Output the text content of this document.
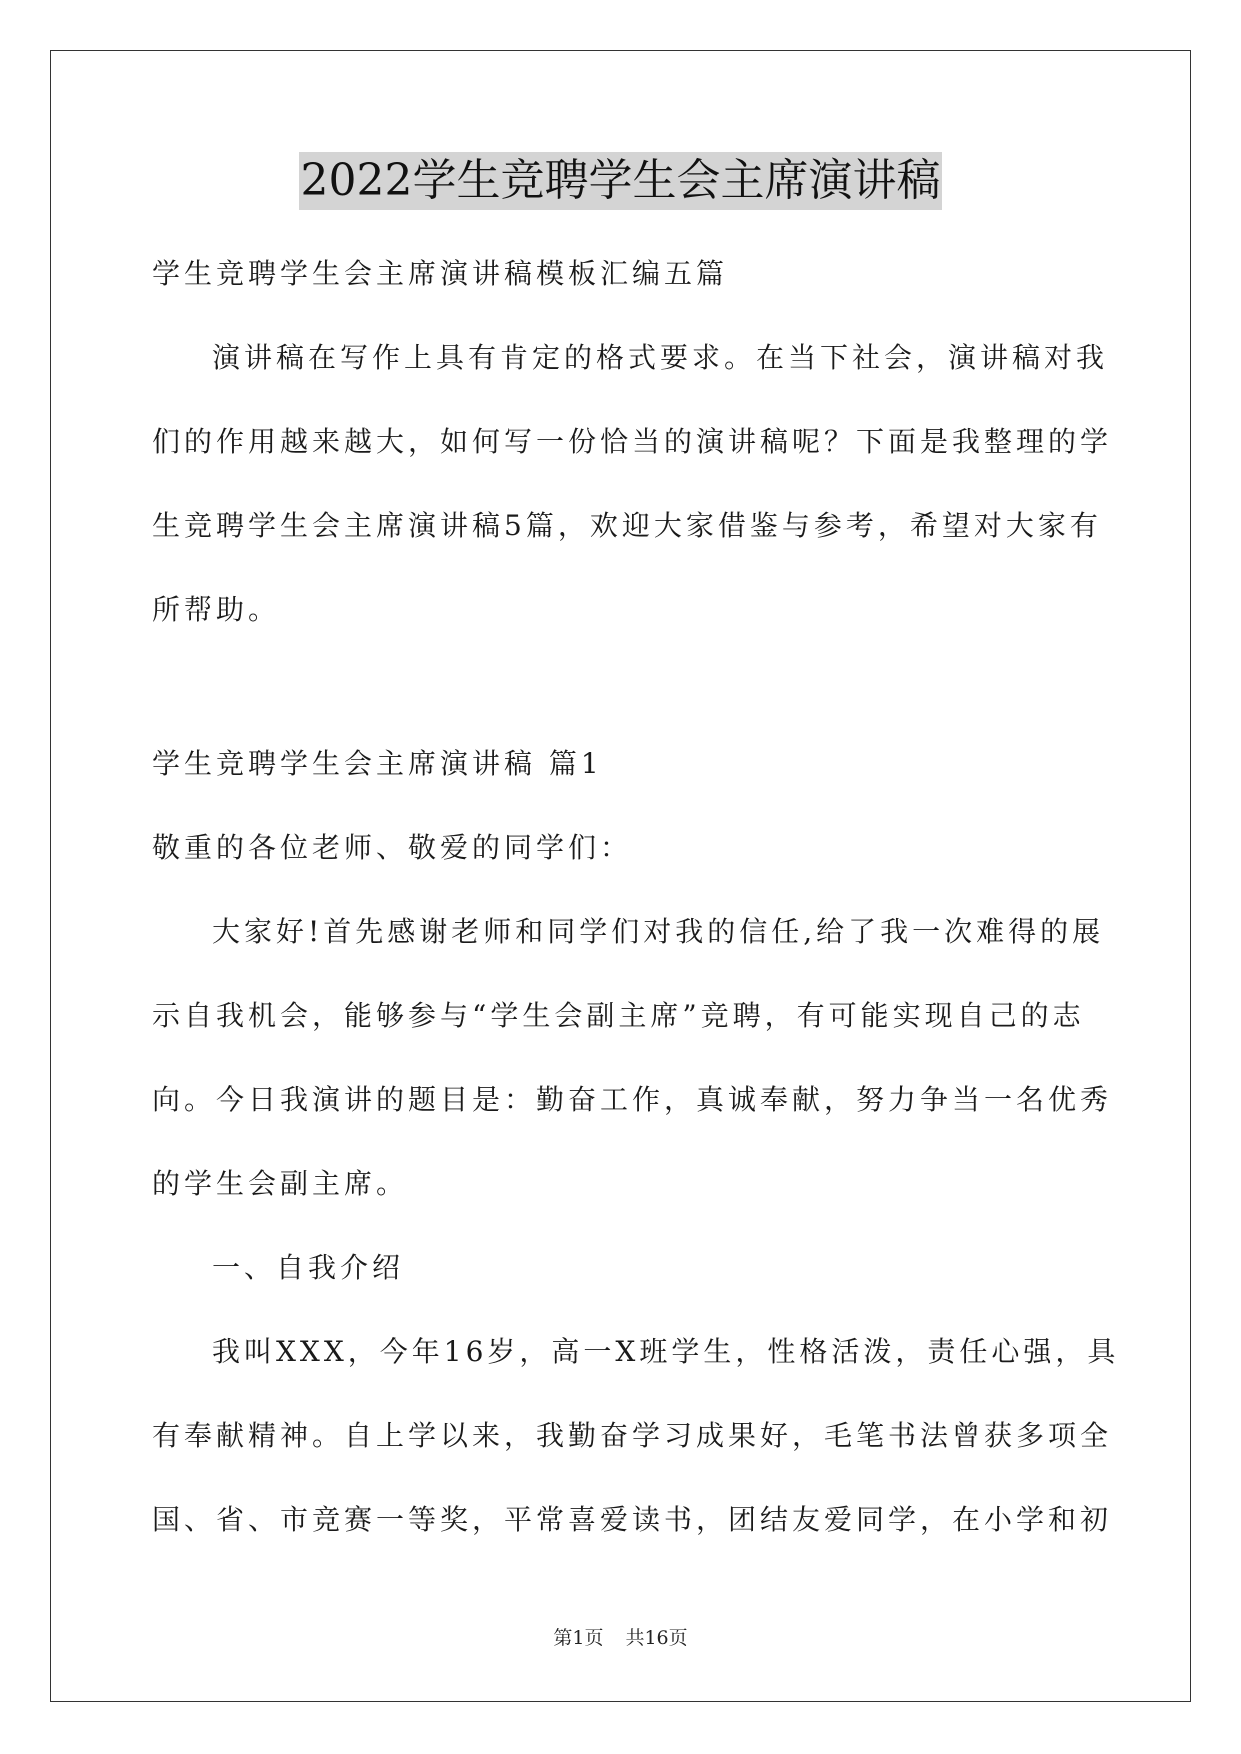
2022学生竞聘学生会主席演讲稿
学生竞聘学生会主席演讲稿模板汇编五篇
演讲稿在写作上具有肯定的格式要求。在当下社会，演讲稿对我
们的作用越来越大，如何写一份恰当的演讲稿呢？下面是我整理的学
生竞聘学生会主席演讲稿5篇，欢迎大家借鉴与参考，希望对大家有
所帮助。
学生竞聘学生会主席演讲稿 篇1
敬重的各位老师、敬爱的同学们：
大家好!首先感谢老师和同学们对我的信任,给了我一次难得的展
示自我机会，能够参与“学生会副主席”竞聘，有可能实现自己的志
向。今日我演讲的题目是：勤奋工作，真诚奉献，努力争当一名优秀
的学生会副主席。
一、自我介绍
我叫XXX，今年16岁，高一X班学生，性格活泼，责任心强，具
有奉献精神。自上学以来，我勤奋学习成果好，毛笔书法曾获多项全
国、省、市竞赛一等奖，平常喜爱读书，团结友爱同学，在小学和初
第1页 共16页
